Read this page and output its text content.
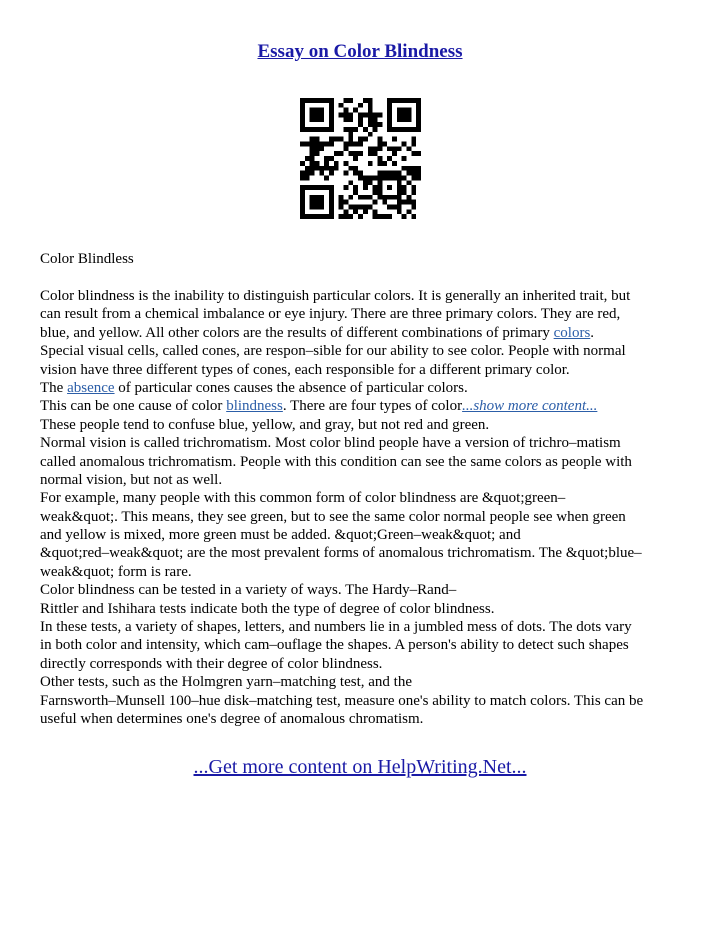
Essay on Color Blindness
Color Blindless
Color blindness is the inability to distinguish particular colors. It is generally an inherited trait, but
can result from a chemical imbalance or eye injury. There are three primary colors. They are red,
blue, and yellow. All other colors are the results of different combinations of primary colors.
Special visual cells, called cones, are respon–sible for our ability to see color. People with normal
vision have three different types of cones, each responsible for a different primary color.
The absence of particular cones causes the absence of particular colors.
This can be one cause of color blindness. There are four types of color...show more content...
These people tend to confuse blue, yellow, and gray, but not red and green.
Normal vision is called trichromatism. Most color blind people have a version of trichro–matism
called anomalous trichromatism. People with this condition can see the same colors as people with
normal vision, but not as well.
For example, many people with this common form of color blindness are &quot;green–
weak&quot;. This means, they see green, but to see the same color normal people see when green
and yellow is mixed, more green must be added. &quot;Green–weak&quot; and
&quot;red–weak&quot; are the most prevalent forms of anomalous trichromatism. The &quot;blue–
weak&quot; form is rare.
Color blindness can be tested in a variety of ways. The Hardy–Rand–
Rittler and Ishihara tests indicate both the type of degree of color blindness.
In these tests, a variety of shapes, letters, and numbers lie in a jumbled mess of dots. The dots vary
in both color and intensity, which cam–ouflage the shapes. A person's ability to detect such shapes
directly corresponds with their degree of color blindness.
Other tests, such as the Holmgren yarn–matching test, and the
Farnsworth–Munsell 100–hue disk–matching test, measure one's ability to match colors. This can be
useful when determines one's degree of anomalous chromatism.
...Get more content on HelpWriting.Net...
